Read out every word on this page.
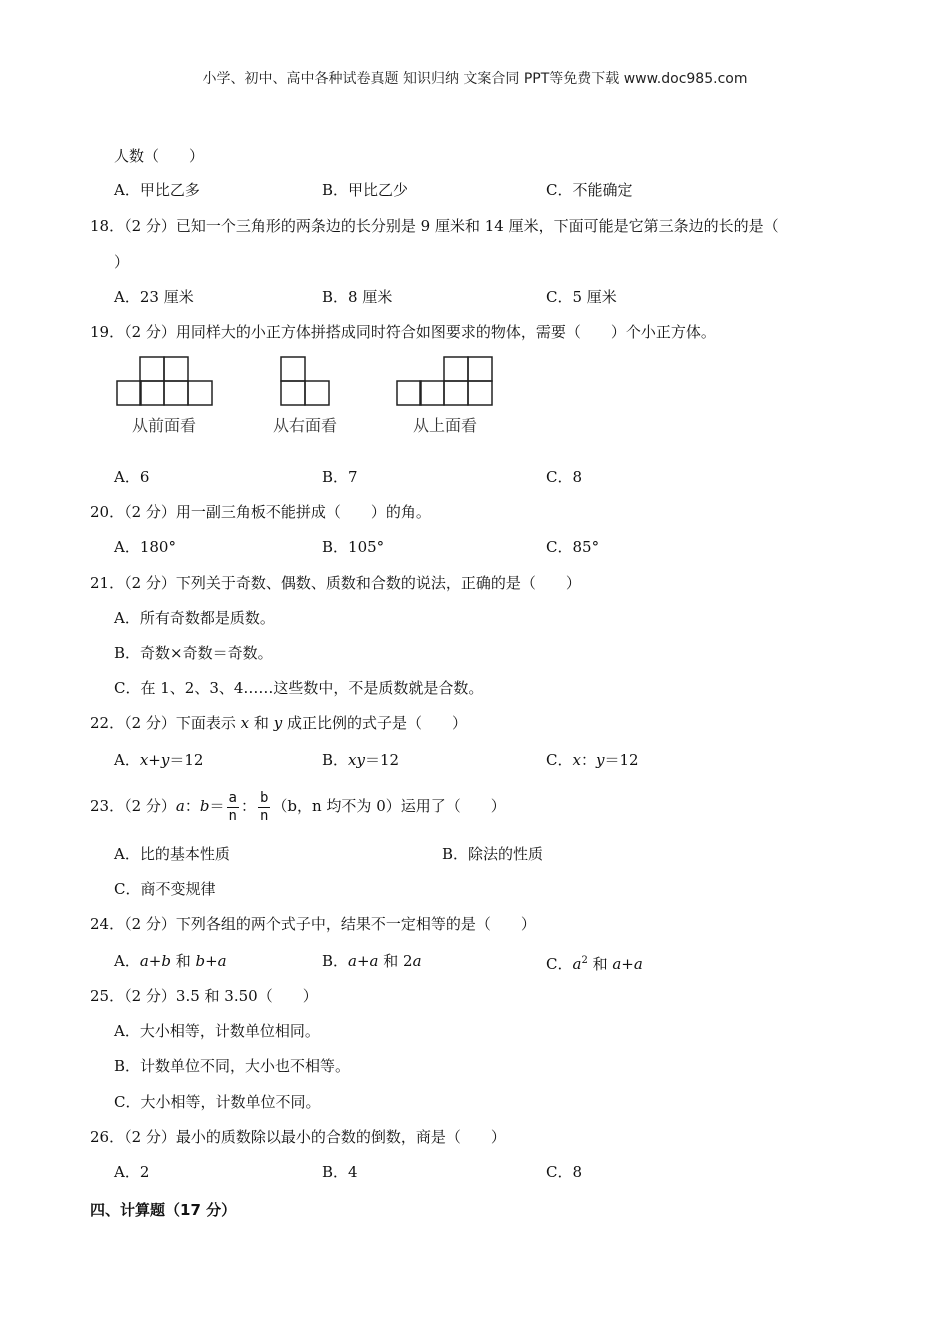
小学、初中、高中各种试卷真题 知识归纳 文案合同 PPT等免费下载 www.doc985.com
人数（　　）
A．甲比乙多	B．甲比乙少	C．不能确定
18．（2 分）已知一个三角形的两条边的长分别是 9 厘米和 14 厘米，下面可能是它第三条边的长的是（
）
A．23 厘米	B．8 厘米	C．5 厘米
19．（2 分）用同样大的小正方体拼搭成同时符合如图要求的物体，需要（　　）个小正方体。
从前面看	从右面看	从上面看
A．6	B．7	C．8
20．（2 分）用一副三角板不能拼成（　　）的角。
A．180°	B．105°	C．85°
21．（2 分）下列关于奇数、偶数、质数和合数的说法，正确的是（　　）
A．所有奇数都是质数。
B．奇数×奇数＝奇数。
C．在 1、2、3、4……这些数中，不是质数就是合数。
22．（2 分）下面表示 x 和 y 成正比例的式子是（　　）
A．x+y＝12	B．xy＝12	C．x：y＝12
23．（2 分）a：$b= \frac{a}{n}$ ： $\frac{b}{n} (b$，n 均不为 0）运用了（　　）
A．比的基本性质	B．除法的性质
C．商不变规律
24．（2 分）下列各组的两个式子中，结果不一定相等的是（　　）
A．a+b 和 b+a	B．a+a 和 2a	C．$a^2$ 和 a+a
25．（2 分）3.5 和 3.50（　　）
A．大小相等，计数单位相同。
B．计数单位不同，大小也不相等。
C．大小相等，计数单位不同。
26．（2 分）最小的质数除以最小的合数的倒数，商是（　　）
A．2	B．4	C．8
四、计算题（17 分）
